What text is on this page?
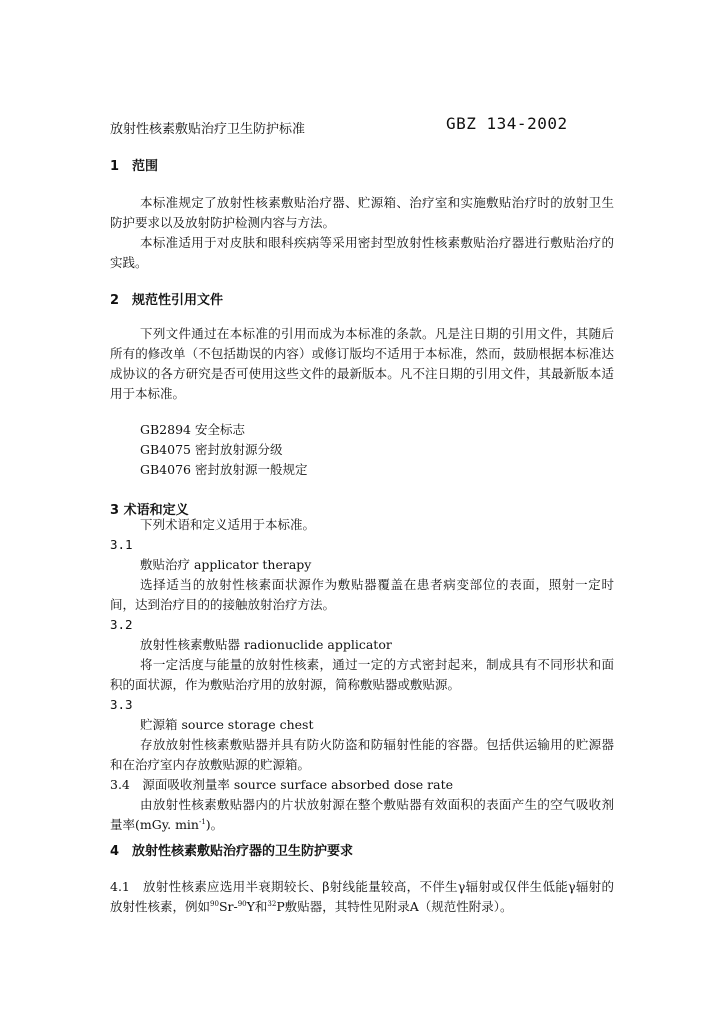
放射性核素敷贴治疗卫生防护标准	GBZ 134-2002
1　范围

本标准规定了放射性核素敷贴治疗器、贮源箱、治疗室和实施敷贴治疗时的放射卫生防护要求以及放射防护检测内容与方法。

本标准适用于对皮肤和眼科疾病等采用密封型放射性核素敷贴治疗器进行敷贴治疗的实践。

2　规范性引用文件

下列文件通过在本标准的引用而成为本标准的条款。凡是注日期的引用文件，其随后所有的修改单（不包括勘误的内容）或修订版均不适用于本标准，然而，鼓励根据本标准达成协议的各方研究是否可使用这些文件的最新版本。凡不注日期的引用文件，其最新版本适用于本标准。

GB2894 安全标志

GB4075 密封放射源分级

GB4076 密封放射源一般规定

3 术语和定义

下列术语和定义适用于本标准。

3.1

敷贴治疗 applicator therapy

选择适当的放射性核素面状源作为敷贴器覆盖在患者病变部位的表面，照射一定时间，达到治疗目的的接触放射治疗方法。

3.2

放射性核素敷贴器 radionuclide applicator

将一定活度与能量的放射性核素，通过一定的方式密封起来，制成具有不同形状和面积的面状源，作为敷贴治疗用的放射源，简称敷贴器或敷贴源。

3.3

贮源箱 source storage chest

存放放射性核素敷贴器并具有防火防盗和防辐射性能的容器。包括供运输用的贮源器和在治疗室内存放敷贴源的贮源箱。

3.4　源面吸收剂量率 source surface absorbed dose rate

由放射性核素敷贴器内的片状放射源在整个敷贴器有效面积的表面产生的空气吸收剂量率(mGy. $\min^{-1}$)。

4　放射性核素敷贴治疗器的卫生防护要求

4.1　放射性核素应选用半衰期较长、β射线能量较高，不伴生γ辐射或仅伴生低能γ辐射的放射性核素，例如$^{90}$Sr-$^{90}$Y和$^{32}$P敷贴器，其特性见附录A（规范性附录）。
